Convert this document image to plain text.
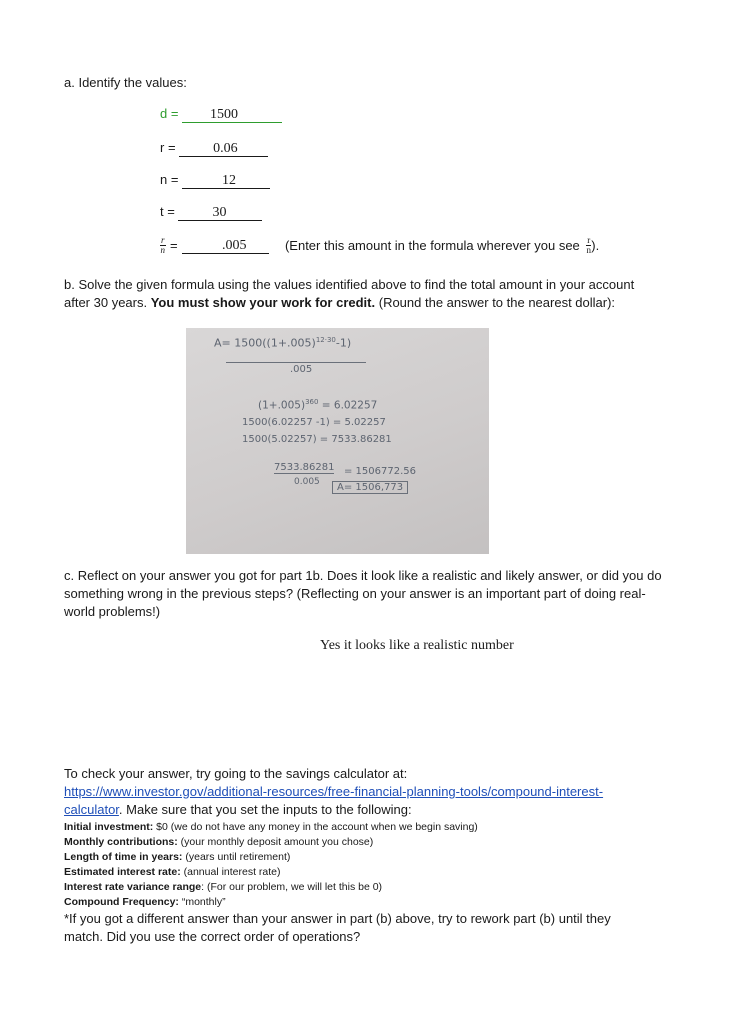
a. Identify the values:
d = 1500
r = 0.06
n =	12
t = 30
$\frac{r}{n}$ =	.005	(Enter this amount in the formula wherever you see $\frac{r}{n}$ ).
b. Solve the given formula using the values identified above to find the total amount in your account
after 30 years. You must show your work for credit. (Round the answer to the nearest dollar):
$A= 1500((1+.005)^{12\cdot 30}-1)$
.005
$(1+.005)^{360} = 6.02257$
1500(6.02257 -1) = 5.02257
1500(5.02257) = 7533.86281
7533.86281 = 1506772.56
0.005	A= 1506,773
c. Reflect on your answer you got for part 1b. Does it look like a realistic and likely answer, or did you do
something wrong in the previous steps? (Reflecting on your answer is an important part of doing real-
world problems!)
Yes it looks like a realistic number
To check your answer, try going to the savings calculator at:
https://www.investor.gov/additional-resources/free-financial-planning-tools/compound-interest-
calculator. Make sure that you set the inputs to the following:
Initial investment: $0 (we do not have any money in the account when we begin saving)
Monthly contributions: (your monthly deposit amount you chose)
Length of time in years: (years until retirement)
Estimated interest rate: (annual interest rate)
Interest rate variance range: (For our problem, we will let this be 0)
Compound Frequency: “monthly”
*If you got a different answer than your answer in part (b) above, try to rework part (b) until they
match. Did you use the correct order of operations?
